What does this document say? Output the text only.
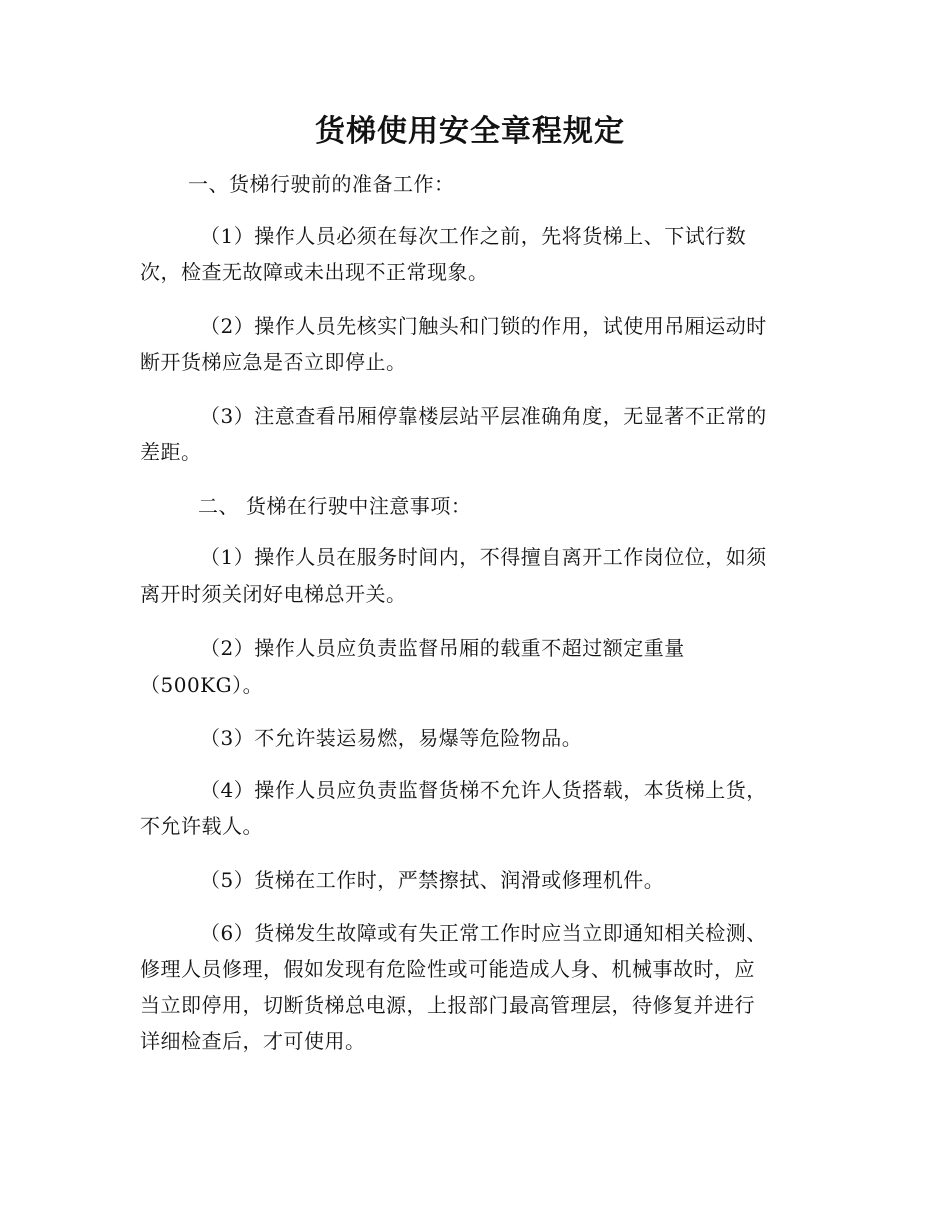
货梯使用安全章程规定

一、货梯行驶前的准备工作：

（1）操作人员必须在每次工作之前，先将货梯上、下试行数

次，检查无故障或未出现不正常现象。

（2）操作人员先核实门触头和门锁的作用，试使用吊厢运动时

断开货梯应急是否立即停止。

（3）注意查看吊厢停靠楼层站平层准确角度，无显著不正常的

差距。

二、 货梯在行驶中注意事项：

（1）操作人员在服务时间内，不得擅自离开工作岗位位，如须

离开时须关闭好电梯总开关。

（2）操作人员应负责监督吊厢的载重不超过额定重量

（500KG）。

（3）不允许装运易燃，易爆等危险物品。

（4）操作人员应负责监督货梯不允许人货搭载，本货梯上货，

不允许载人。

（5）货梯在工作时，严禁擦拭、润滑或修理机件。

（6）货梯发生故障或有失正常工作时应当立即通知相关检测、

修理人员修理，假如发现有危险性或可能造成人身、机械事故时，应

当立即停用，切断货梯总电源，上报部门最高管理层，待修复并进行

详细检查后，才可使用。
